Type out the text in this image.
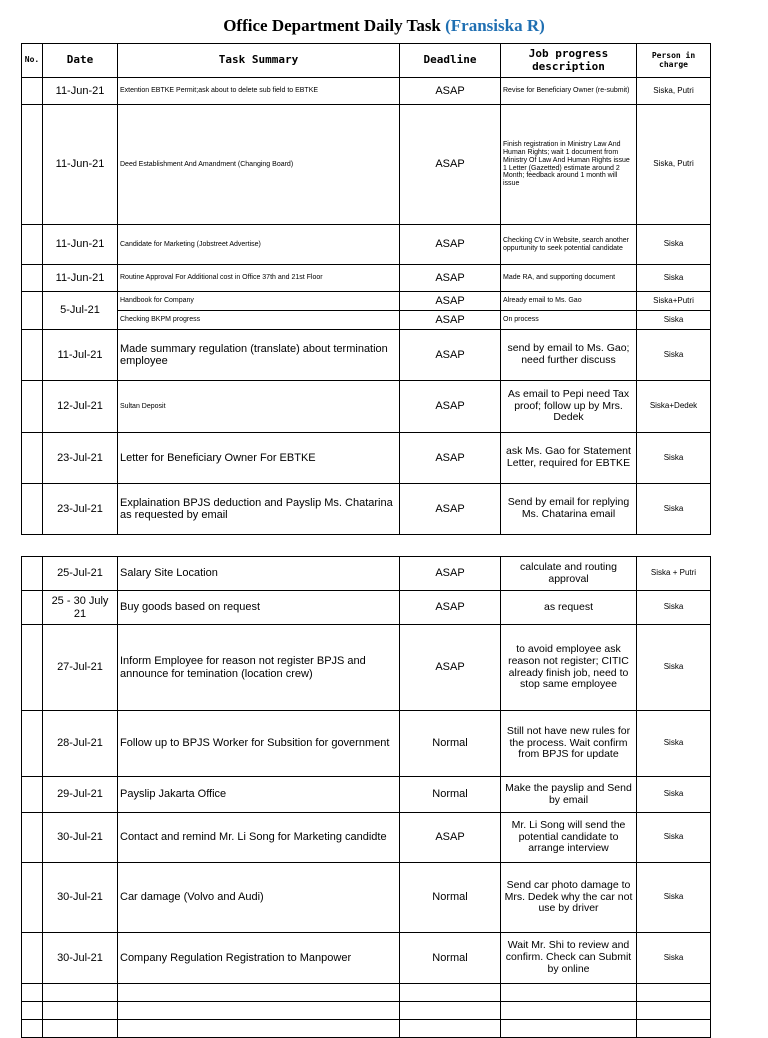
Office Department Daily Task (Fransiska R)
No.	Date	Task Summary	Deadline	Job progress description	Person in charge
	11-Jun-21	Extention EBTKE Permit;ask about to delete sub field to EBTKE	ASAP	Revise for Beneficiary Owner (re-submit)	Siska, Putri
	11-Jun-21	Deed Establishment And Amandment (Changing Board)	ASAP	Finish registration in Ministry Law And Human Rights; wait 1 document from Ministry Of Law And Human Rights issue 1 Letter (Gazetted) estimate around 2 Month; feedback around 1 month will issue	Siska, Putri
	11-Jun-21	Candidate for Marketing (Jobstreet Advertise)	ASAP	Checking CV in Website, search another oppurtunity to seek potential candidate	Siska
	11-Jun-21	Routine Approval For Additional cost in Office 37th and 21st Floor	ASAP	Made RA, and supporting document	Siska
	5-Jul-21	Handbook for Company	ASAP	Already email to Ms. Gao	Siska+Putri
		Checking BKPM progress	ASAP	On process	Siska
	11-Jul-21	Made summary regulation (translate) about termination employee	ASAP	send by email to Ms. Gao; need further discuss	Siska
	12-Jul-21	Sultan Deposit	ASAP	As email to Pepi need Tax proof; follow up by Mrs. Dedek	Siska+Dedek
	23-Jul-21	Letter for Beneficiary Owner For EBTKE	ASAP	ask Ms. Gao for Statement Letter, required for EBTKE	Siska
	23-Jul-21	Explaination BPJS deduction and Payslip Ms. Chatarina as requested by email	ASAP	Send by email for replying Ms. Chatarina email	Siska
	25-Jul-21	Salary Site Location	ASAP	calculate and routing approval	Siska + Putri
	25 - 30 July 21	Buy goods based on request	ASAP	as request	Siska
	27-Jul-21	Inform Employee for reason not register BPJS and announce for temination (location crew)	ASAP	to avoid employee ask reason not register; CITIC already finish job, need to stop same employee	Siska
	28-Jul-21	Follow up to BPJS Worker for Subsition for government	Normal	Still not have new rules for the process. Wait confirm from BPJS for update	Siska
	29-Jul-21	Payslip Jakarta Office	Normal	Make the payslip and Send by email	Siska
	30-Jul-21	Contact and remind Mr. Li Song for Marketing candidte	ASAP	Mr. Li Song will send the potential candidate to arrange interview	Siska
	30-Jul-21	Car damage (Volvo and Audi)	Normal	Send car photo damage to Mrs. Dedek why the car not use by driver	Siska
	30-Jul-21	Company Regulation Registration to Manpower	Normal	Wait Mr. Shi to review and confirm. Check can Submit by online	Siska
